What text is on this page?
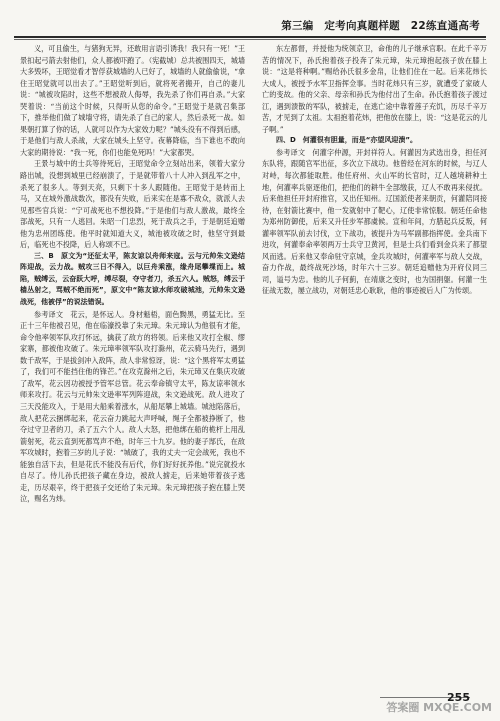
第三编　定考向真题样题　22练直通高考

义，可且偷生，与猪狗无异，还敢用言语引诱我！我只有一死！”王景扣起弓箭去射他们，众人都被吓跑了。（宪截城）总共被围四天，城墙大多毁坏，王昭觉看才智俘获城墙的人已好了，城墙的人就偷偷说，“拿住王昭觉就可以出去了。”王昭觉听到后，就将死者搬开，自己的妻儿说：“城被攻陷时，这些不想被敌人侮辱，我先杀了你们再自杀。”大家哭着说：“当前这个时候，只得听从您的命令。”王昭觉于是就召集部下，推举他们做了城墙守将，请先杀了自己的家人，然后杀死一战。如果朝打算了你的话，人就可以作为大家效力呢？”城头没有不得到后感，于是他们与敌人杀战，大家在城头上坚守。夜幕降临，当下谁也不敢向大家的期待说：“我一死，你们也能免死吗！”大家都哭。

王景与城中的士兵等待死后，王昭觉命令立刻站出来，领着大家分路出城，没想到城里已经崩溃了，于是就带着八十人冲入到乱军之中，杀死了很多人。等到天亮，只剩下十多人跟随他。王昭觉于是转而上马，又在城外激战数次，都没有失败，后来实在是寡不敌众，就派人去见那些官兵说：“宁可战死也不想投降。”于是他们与敌人激战，最终全部战死，只有一人逃回。朱昭一门忠烈，死于敌兵之手，于是朝廷追赠他为忠州团练使。他平时就知道大义，城池被攻破之时，他坚守到最后，临死也不投降，后人称颂不已。

三、B　原文为“还征太平，陈友谅以舟师来寇。云与元帅朱文逊结阵迎战，云力战。贼攻三日不得入，以巨舟乘涨，缘舟尾攀堞而上。城陷，贼缚云，云奋跃大呼，缚尽裂，夺守者刀，杀五六人。贼怒，缚云于樯丛射之，骂贼不绝而死”，原文中“陈友谅水师攻破城池，元帅朱文逊战死，他被俘”的说法错误。

参考译文　花云，是怀远人。身材魁梧，面色黝黑，勇猛无比。至正十三年他被召见，他在临濠投靠了朱元璋。朱元璋认为他很有才能，命令他率领军队攻打怀远，擒获了敌方的将领。后来他又攻打全椒、缪家寨，都被他攻破了。朱元璋率领军队攻打滁州，花云骑马先行，遇到数千敌军，于是拔剑冲入敌阵，敌人非常惊讶，说：“这个黑将军太勇猛了，我们可不能挡住他的锋芒。”在攻克滁州之后，朱元璋又在集庆攻破了敌军，花云因功被授予管军总管。花云奉命镇守太平，陈友谅率领水师来攻打。花云与元帅朱文逊率军列阵迎战，朱文逊战死。敌人进攻了三天没能攻入，于是用大船乘着涨水，从船尾攀上城墙。城池陷落后，敌人把花云捆绑起来，花云奋力跳起大声呼喊，绳子全都被挣断了，他夺过守卫者的刀，杀了五六个人。敌人大怒，把他绑在船的桅杆上用乱箭射死，花云直到死都骂声不绝，时年三十九岁。他的妻子郜氏，在敌军攻城时，抱着三岁的儿子说：“城破了，我的丈夫一定会战死，我也不能独自活下去，但是花氏不能没有后代，你们好好抚养他。”说完就投水自尽了。侍儿孙氏把孩子藏在身边，被敌人掳走，后来她带着孩子逃走，历尽艰辛，终于把孩子交还给了朱元璋。朱元璋把孩子抱在膝上哭泣，赐名为炜。

东左都督，并授他为统领京卫，命他的儿子继承官职。在此千辛万苦的情况下，孙氏抱着孩子投奔了朱元璋，朱元璋抱起孩子放在膝上说：“这是将种啊。”赐给孙氏很多金帛，让他们住在一起。后来花炜长大成人，被授予水军卫指挥佥事。当时花炜只有三岁，就遭受了家破人亡的变故。他的父亲、母亲和孙氏为他付出了生命。孙氏抱着孩子渡过江，遇到溃散的军队，被掳走，在逃亡途中靠着莲子充饥，历尽千辛万苦，才见到了太祖。太祖抱着花炜，把他放在膝上，说：“这是花云的儿子啊。”

四、D　何灌很有胆量，而是“亦望风迎溃”。

参考译文　何灌字仲源，开封祥符人。何灌因为武选出身，担任河东队将，跟随官军出征，多次立下战功。他曾经在河东的时候，与辽人对峙，每次都能取胜。他任府州、火山军的长官时，辽人越境耕种土地，何灌率兵驱逐他们，把他们的耕牛全部缴获，辽人不敢再来侵扰。后来他担任开封府推官，又出任知州。辽国派使者来朝贡，何灌陪同接待，在射箭比赛中，他一发就射中了靶心，辽使非常惊服。朝廷任命他为郑州防御使，后来又升任步军都虞候。宣和年间，方腊起兵反叛，何灌率领军队前去讨伐，立下战功，被提升为马军副都指挥使。金兵南下进攻，何灌奉命率领两万士兵守卫黄河，但是士兵们看到金兵来了都望风而逃。后来他又奉命驻守京城，金兵攻城时，何灌率军与敌人交战，奋力作战，最终战死沙场，时年六十三岁。朝廷追赠他为开府仪同三司，谥号为忠。他的儿子何蓟，在靖康之变时，也为国捐躯。何灌一生征战无数，屡立战功，对朝廷忠心耿耿，他的事迹被后人广为传颂。

255
答案圈 MXQE.COM
